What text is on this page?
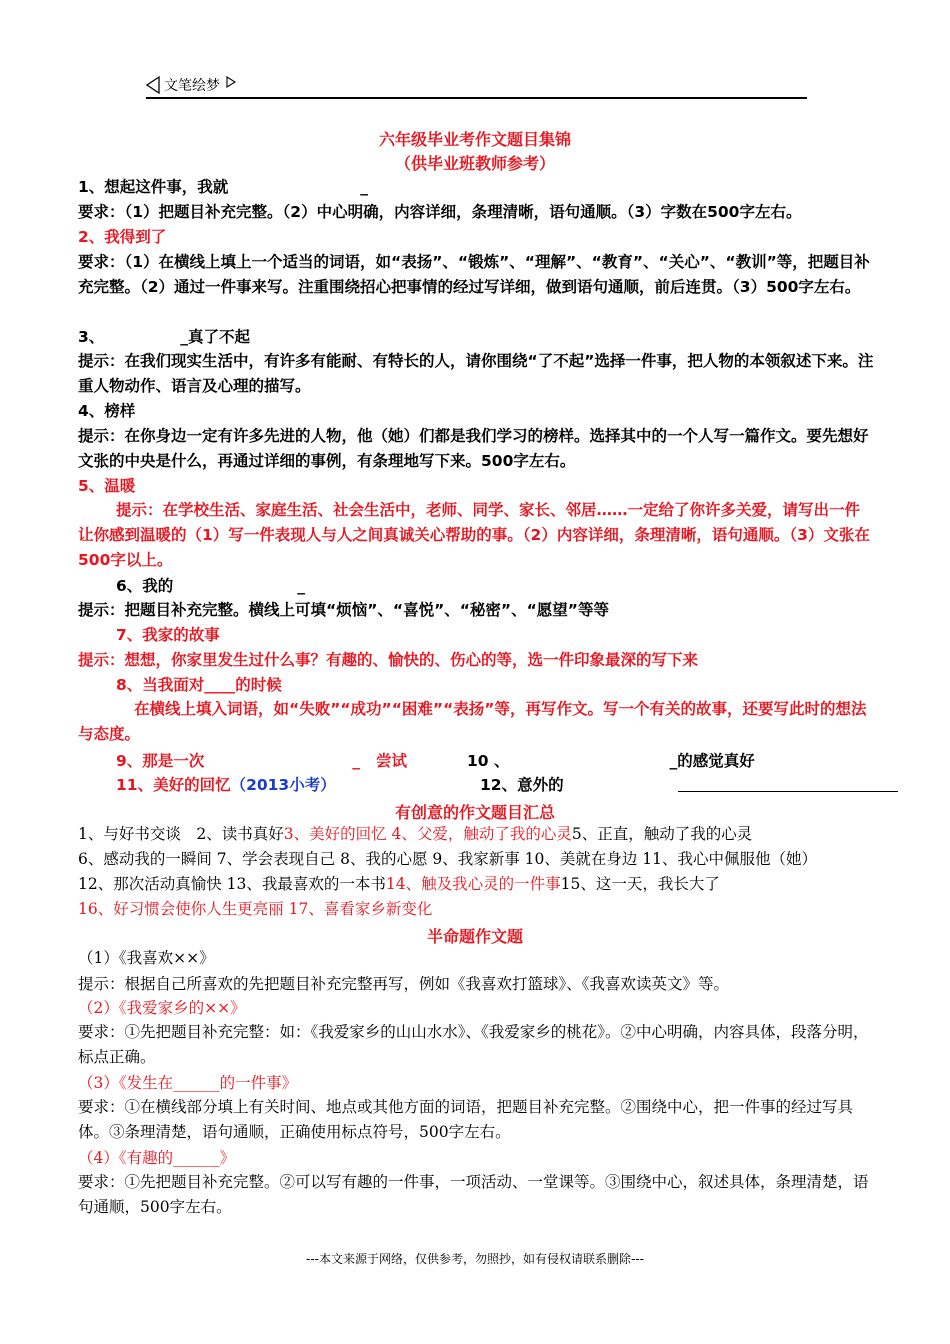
文笔绘梦
六年级毕业考作文题目集锦
（供毕业班教师参考）
1、想起这件事，我就	_
要求：（1）把题目补充完整。（2）中心明确，内容详细，条理清晰，语句通顺。（3）字数在500字左右。
2、我得到了
要求：（1）在横线上填上一个适当的词语，如“表扬”、“锻炼”、“理解”、“教育”、“关心”、“教训”等，把题目补充完整。（2）通过一件事来写。注重围绕招心把事情的经过写详细，做到语句通顺，前后连贯。（3）500字左右。
3、	_真了不起
提示：在我们现实生活中，有许多有能耐、有特长的人，请你围绕“了不起”选择一件事，把人物的本领叙述下来。注重人物动作、语言及心理的描写。
4、榜样
提示：在你身边一定有许多先进的人物，他（她）们都是我们学习的榜样。选择其中的一个人写一篇作文。要先想好文张的中央是什么，再通过详细的事例，有条理地写下来。500字左右。
5、温暖
提示：在学校生活、家庭生活、社会生活中，老师、同学、家长、邻居……一定给了你许多关爱，请写出一件让你感到温暖的（1）写一件表现人与人之间真诚关心帮助的事。（2）内容详细，条理清晰，语句通顺。（3）文张在500字以上。
6、我的	_
提示：把题目补充完整。横线上可填“烦恼”、“喜悦”、“秘密”、“愿望”等等
7、我家的故事
提示：想想，你家里发生过什么事？有趣的、愉快的、伤心的等，选一件印象最深的写下来
8、当我面对____的时候
在横线上填入词语，如“失败”“成功”“困难”“表扬”等，再写作文。写一个有关的故事，还要写此时的想法与态度。
9、那是一次	_ 尝试	10 、	_的感觉真好
11、美好的回忆（2013小考）	12、意外的
有创意的作文题目汇总
1、与好书交谈　2、读书真好3、美好的回忆 4、父爱，触动了我的心灵5、正直，触动了我的心灵
6、感动我的一瞬间 7、学会表现自己 8、我的心愿 9、我家新事 10、美就在身边 11、我心中佩服他（她）
12、那次活动真愉快 13、我最喜欢的一本书14、触及我心灵的一件事15、这一天，我长大了
16、好习惯会使你人生更亮丽 17、喜看家乡新变化
半命题作文题
（1）《我喜欢××》
提示：根据自己所喜欢的先把题目补充完整再写，例如《我喜欢打篮球》、《我喜欢读英文》等。
（2）《我爱家乡的××》
要求：①先把题目补充完整：如：《我爱家乡的山山水水》、《我爱家乡的桃花》。②中心明确，内容具体，段落分明，标点正确。
（3）《发生在______的一件事》
要求：①在横线部分填上有关时间、地点或其他方面的词语，把题目补充完整。②围绕中心，把一件事的经过写具体。③条理清楚，语句通顺，正确使用标点符号，500字左右。
（4）《有趣的______》
要求：①先把题目补充完整。②可以写有趣的一件事，一项活动、一堂课等。③围绕中心，叙述具体，条理清楚，语句通顺，500字左右。
---本文来源于网络，仅供参考，勿照抄，如有侵权请联系删除---
